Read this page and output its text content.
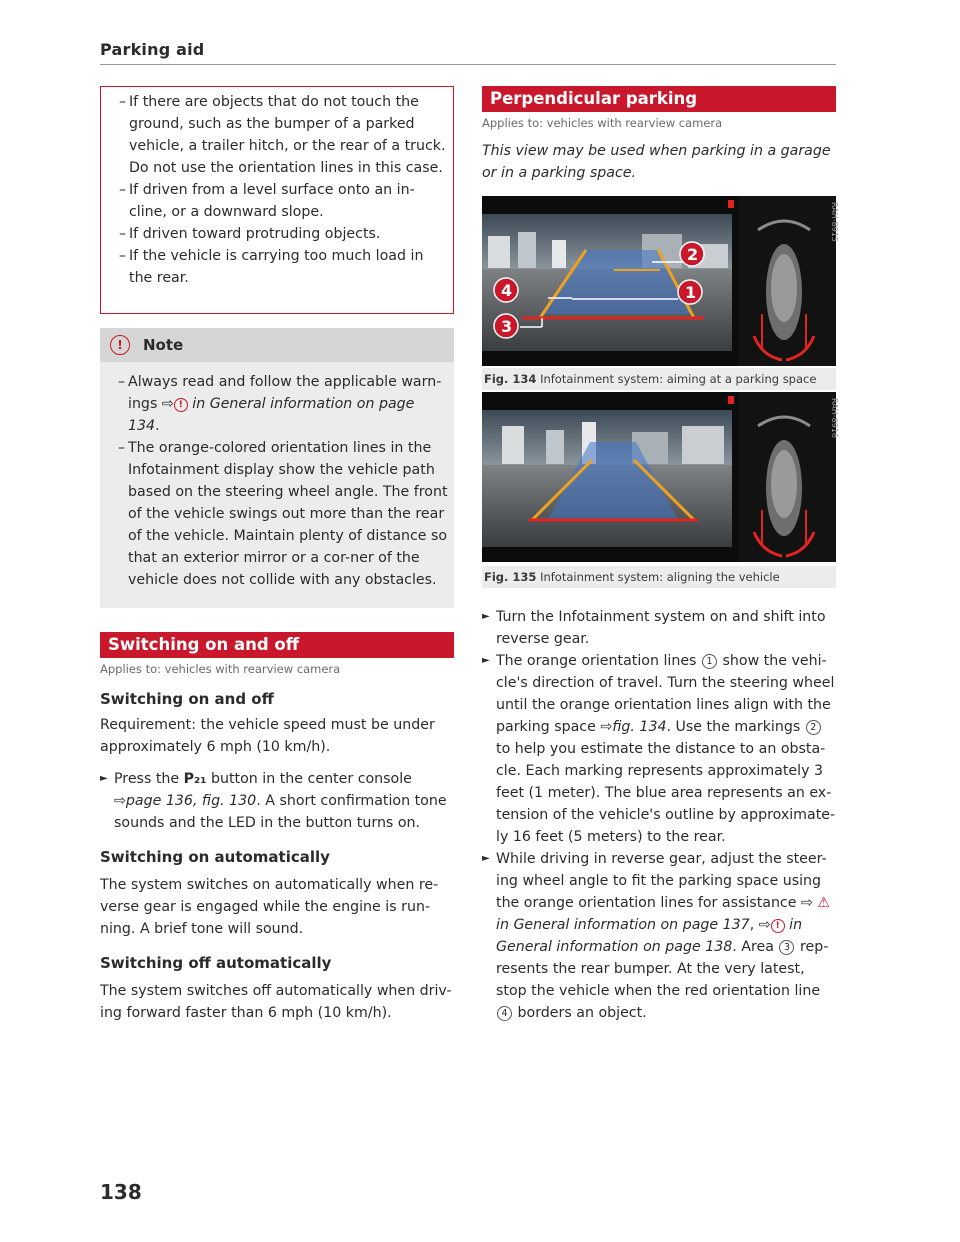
Parking aid
– If there are objects that do not touch the ground, such as the bumper of a parked vehicle, a trailer hitch, or the rear of a truck. Do not use the orientation lines in this case.
– If driven from a level surface onto an in-cline, or a downward slope.
– If driven toward protruding objects.
– If the vehicle is carrying too much load in the rear.
!	Note
– Always read and follow the applicable warn-ings ⇨ ! in General information on page 134.
– The orange-colored orientation lines in the Infotainment display show the vehicle path based on the steering wheel angle. The front of the vehicle swings out more than the rear of the vehicle. Maintain plenty of distance so that an exterior mirror or a cor-ner of the vehicle does not collide with any obstacles.
Switching on and off
Applies to: vehicles with rearview camera
Switching on and off
Requirement: the vehicle speed must be under approximately 6 mph (10 km/h).
► Press the P₂₁ button in the center console
⇨page 136, fig. 130. A short confirmation tone sounds and the LED in the button turns on.
Switching on automatically
The system switches on automatically when re-verse gear is engaged while the engine is run-ning. A brief tone will sound.
Switching off automatically
The system switches off automatically when driv-ing forward faster than 6 mph (10 km/h).
138
Perpendicular parking
Applies to: vehicles with rearview camera
This view may be used when parking in a garage or in a parking space.
1
2
3
4
RAH-8915
Fig. 134 Infotainment system: aiming at a parking space
RAH-8916
Fig. 135 Infotainment system: aligning the vehicle
► Turn the Infotainment system on and shift into reverse gear.
► The orange orientation lines 1 show the vehi-cle's direction of travel. Turn the steering wheel until the orange orientation lines align with the parking space ⇨fig. 134. Use the markings 2 to help you estimate the distance to an obsta-cle. Each marking represents approximately 3 feet (1 meter). The blue area represents an ex-tension of the vehicle's outline by approximate-ly 16 feet (5 meters) to the rear.
► While driving in reverse gear, adjust the steer-ing wheel angle to fit the parking space using the orange orientation lines for assistance ⇨ ⚠ in General information on page 137, ⇨ ! in General information on page 138. Area 3 rep-resents the rear bumper. At the very latest, stop the vehicle when the red orientation line 4 borders an object.
